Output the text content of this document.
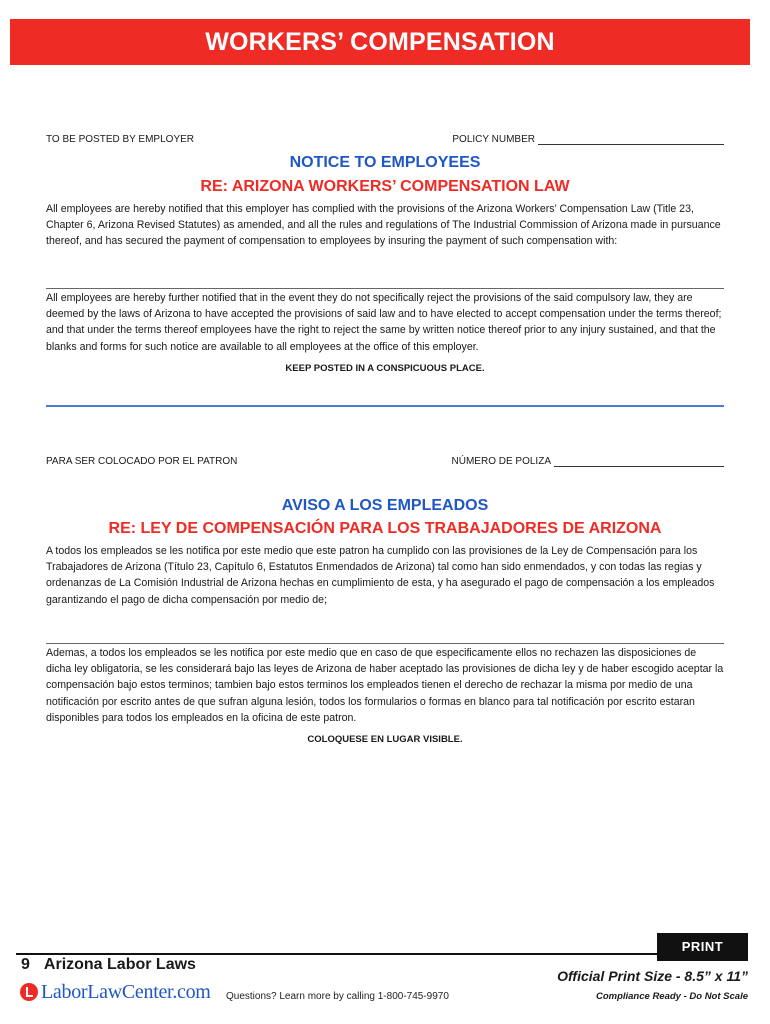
WORKERS’ COMPENSATION
TO BE POSTED BY EMPLOYER	POLICY NUMBER
NOTICE TO EMPLOYEES
RE: ARIZONA WORKERS’ COMPENSATION LAW

All employees are hereby notified that this employer has complied with the provisions of the Arizona Workers’ Compensation Law (Title 23, Chapter 6, Arizona Revised Statutes) as amended, and all the rules and regulations of The Industrial Commission of Arizona made in pursuance thereof, and has secured the payment of compensation to employees by insuring the payment of such compensation with:

All employees are hereby further notified that in the event they do not specifically reject the provisions of the said compulsory law, they are deemed by the laws of Arizona to have accepted the provisions of said law and to have elected to accept compensation under the terms thereof; and that under the terms thereof employees have the right to reject the same by written notice thereof prior to any injury sustained, and that the blanks and forms for such notice are available to all employees at the office of this employer.

KEEP POSTED IN A CONSPICUOUS PLACE.
PARA SER COLOCADO POR EL PATRON	NÚMERO DE POLIZA
AVISO A LOS EMPLEADOS
RE: LEY DE COMPENSACIÓN PARA LOS TRABAJADORES DE ARIZONA

A todos los empleados se les notifica por este medio que este patron ha cumplido con las provisiones de la Ley de Compensación para los Trabajadores de Arizona (Título 23, Capítulo 6, Estatutos Enmendados de Arizona) tal como han sido enmendados, y con todas las regias y ordenanzas de La Comisión Industrial de Arizona hechas en cumplimiento de esta, y ha asegurado el pago de compensación a los empleados garantizando el pago de dicha compensación por medio de;

Ademas, a todos los empleados se les notifica por este medio que en caso de que especificamente ellos no rechazen las disposiciones de dicha ley obligatoria, se les considerará bajo las leyes de Arizona de haber aceptado las provisiones de dicha ley y de haber escogido aceptar la compensación bajo estos terminos; tambien bajo estos terminos los empleados tienen el derecho de rechazar la misma por medio de una notificación por escrito antes de que sufran alguna lesión, todos los formularios o formas en blanco para tal notificación por escrito estaran disponibles para todos los empleados en la oficina de este patron.

COLOQUESE EN LUGAR VISIBLE.
PRINT
9 Arizona Labor Laws
LaborLawCenter.com Questions? Learn more by calling 1-800-745-9970
Official Print Size - 8.5” x 11”
Compliance Ready - Do Not Scale
